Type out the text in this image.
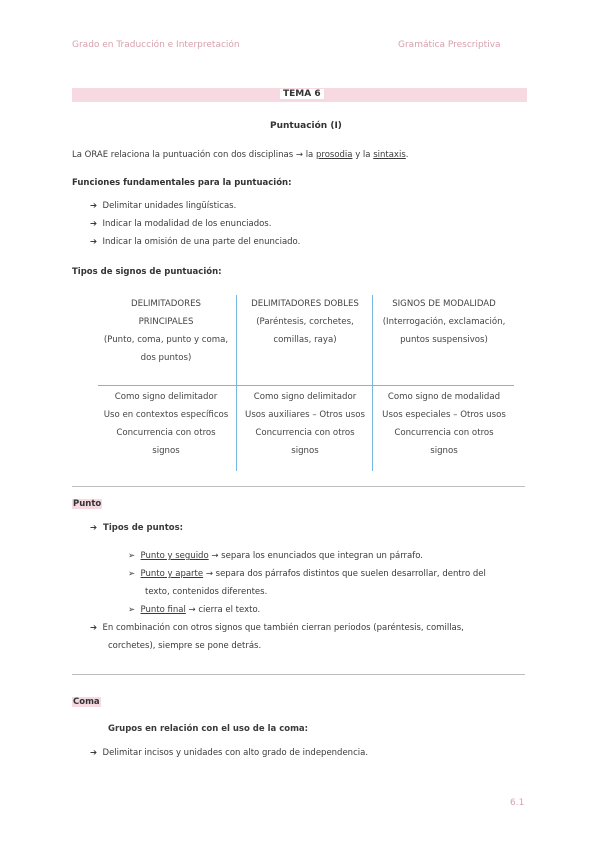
Grado en Traducción e Interpretación	Gramática Prescriptiva
TEMA 6
Puntuación (I)
La ORAE relaciona la puntuación con dos disciplinas → la prosodia y la sintaxis.
Funciones fundamentales para la puntuación:
➔ Delimitar unidades lingüísticas.
➔ Indicar la modalidad de los enunciados.
➔ Indicar la omisión de una parte del enunciado.
Tipos de signos de puntuación:
DELIMITADORES
PRINCIPALES
(Punto, coma, punto y coma,
dos puntos)
DELIMITADORES DOBLES
(Paréntesis, corchetes,
comillas, raya)
SIGNOS DE MODALIDAD
(Interrogación, exclamación,
puntos suspensivos)
Como signo delimitador
Uso en contextos específicos
Concurrencia con otros
signos
Como signo delimitador
Usos auxiliares – Otros usos
Concurrencia con otros
signos
Como signo de modalidad
Usos especiales – Otros usos
Concurrencia con otros
signos
Punto
➔ Tipos de puntos:
➢ Punto y seguido → separa los enunciados que integran un párrafo.
➢ Punto y aparte → separa dos párrafos distintos que suelen desarrollar, dentro del
texto, contenidos diferentes.
➢ Punto final → cierra el texto.
➔ En combinación con otros signos que también cierran periodos (paréntesis, comillas,
corchetes), siempre se pone detrás.
Coma
Grupos en relación con el uso de la coma:
➔ Delimitar incisos y unidades con alto grado de independencia.
6.1
